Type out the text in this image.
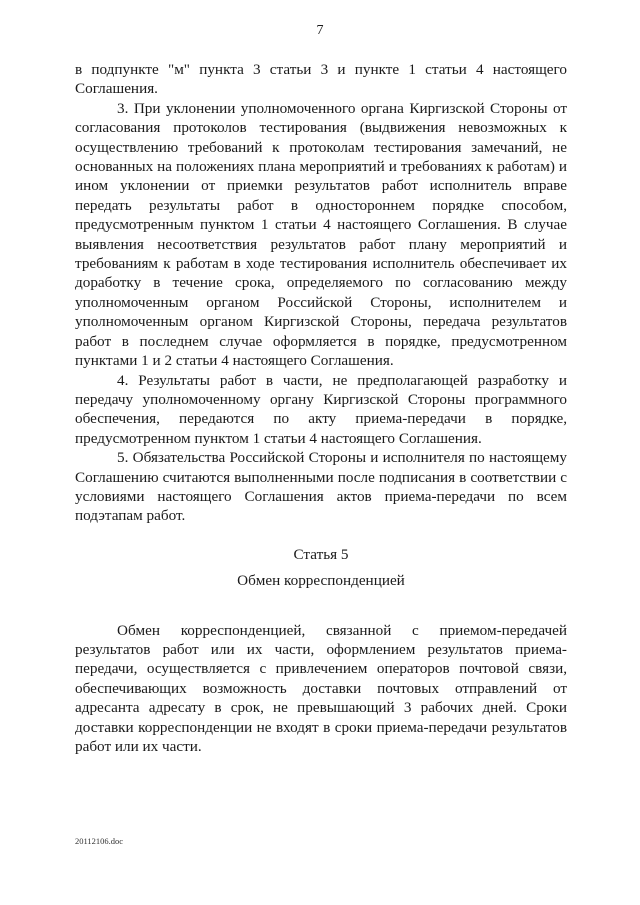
7

в подпункте "м" пункта 3 статьи 3 и пункте 1 статьи 4 настоящего Соглашения.

3. При уклонении уполномоченного органа Киргизской Стороны от согласования протоколов тестирования (выдвижения невозможных к осуществлению требований к протоколам тестирования замечаний, не основанных на положениях плана мероприятий и требованиях к работам) и ином уклонении от приемки результатов работ исполнитель вправе передать результаты работ в одностороннем порядке способом, предусмотренным пунктом 1 статьи 4 настоящего Соглашения. В случае выявления несоответствия результатов работ плану мероприятий и требованиям к работам в ходе тестирования исполнитель обеспечивает их доработку в течение срока, определяемого по согласованию между уполномоченным органом Российской Стороны, исполнителем и уполномоченным органом Киргизской Стороны, передача результатов работ в последнем случае оформляется в порядке, предусмотренном пунктами 1 и 2 статьи 4 настоящего Соглашения.

4. Результаты работ в части, не предполагающей разработку и передачу уполномоченному органу Киргизской Стороны программного обеспечения, передаются по акту приема-передачи в порядке, предусмотренном пунктом 1 статьи 4 настоящего Соглашения.

5. Обязательства Российской Стороны и исполнителя по настоящему Соглашению считаются выполненными после подписания в соответствии с условиями настоящего Соглашения актов приема-передачи по всем подэтапам работ.

Статья 5

Обмен корреспонденцией

Обмен корреспонденцией, связанной с приемом-передачей результатов работ или их части, оформлением результатов приема-передачи, осуществляется с привлечением операторов почтовой связи, обеспечивающих возможность доставки почтовых отправлений от адресанта адресату в срок, не превышающий 3 рабочих дней. Сроки доставки корреспонденции не входят в сроки приема-передачи результатов работ или их части.

20112106.doc
